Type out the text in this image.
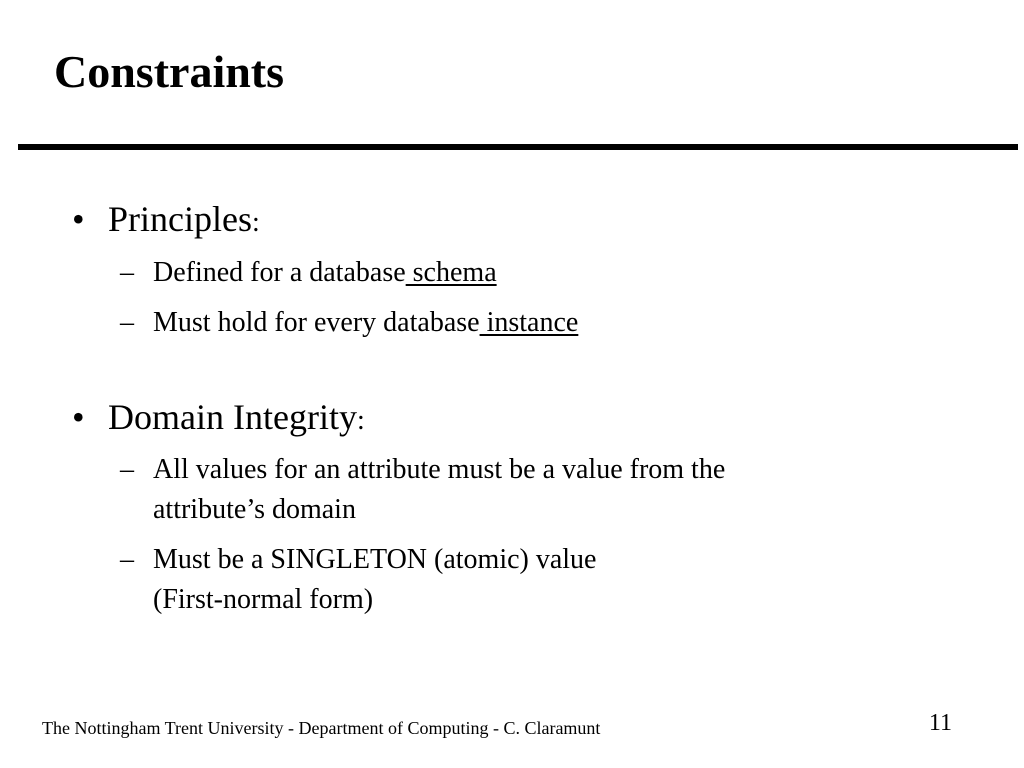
Constraints
• Principles:
– Defined for a database schema
– Must hold for every database instance
• Domain Integrity:
– All values for an attribute must be a value from the
attribute’s domain
– Must be a SINGLETON (atomic) value
(First-normal form)
The Nottingham Trent University - Department of Computing - C. Claramunt	11
